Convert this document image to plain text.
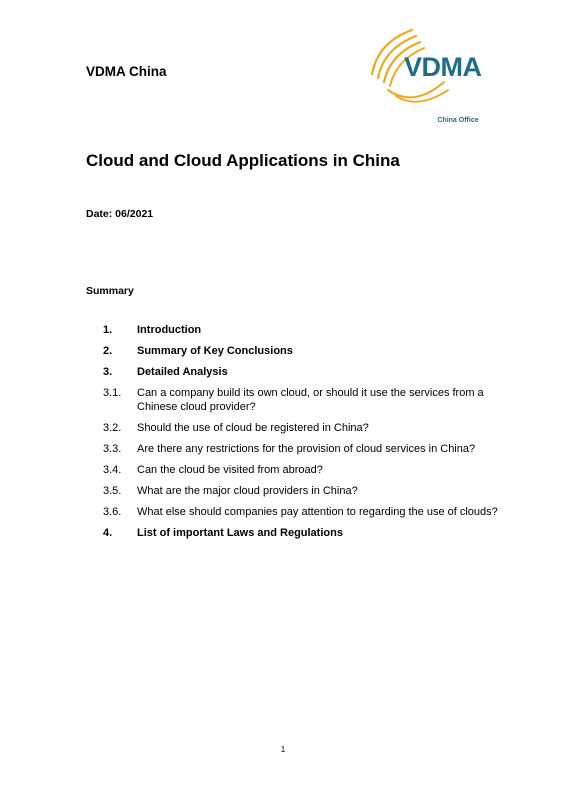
VDMA China	VDMA
China Office
Cloud and Cloud Applications in China
Date: 06/2021
Summary
1. Introduction
2. Summary of Key Conclusions
3. Detailed Analysis
3.1. Can a company build its own cloud, or should it use the services from a Chinese cloud provider?
3.2. Should the use of cloud be registered in China?
3.3. Are there any restrictions for the provision of cloud services in China?
3.4. Can the cloud be visited from abroad?
3.5. What are the major cloud providers in China?
3.6. What else should companies pay attention to regarding the use of clouds?
4. List of important Laws and Regulations
1
